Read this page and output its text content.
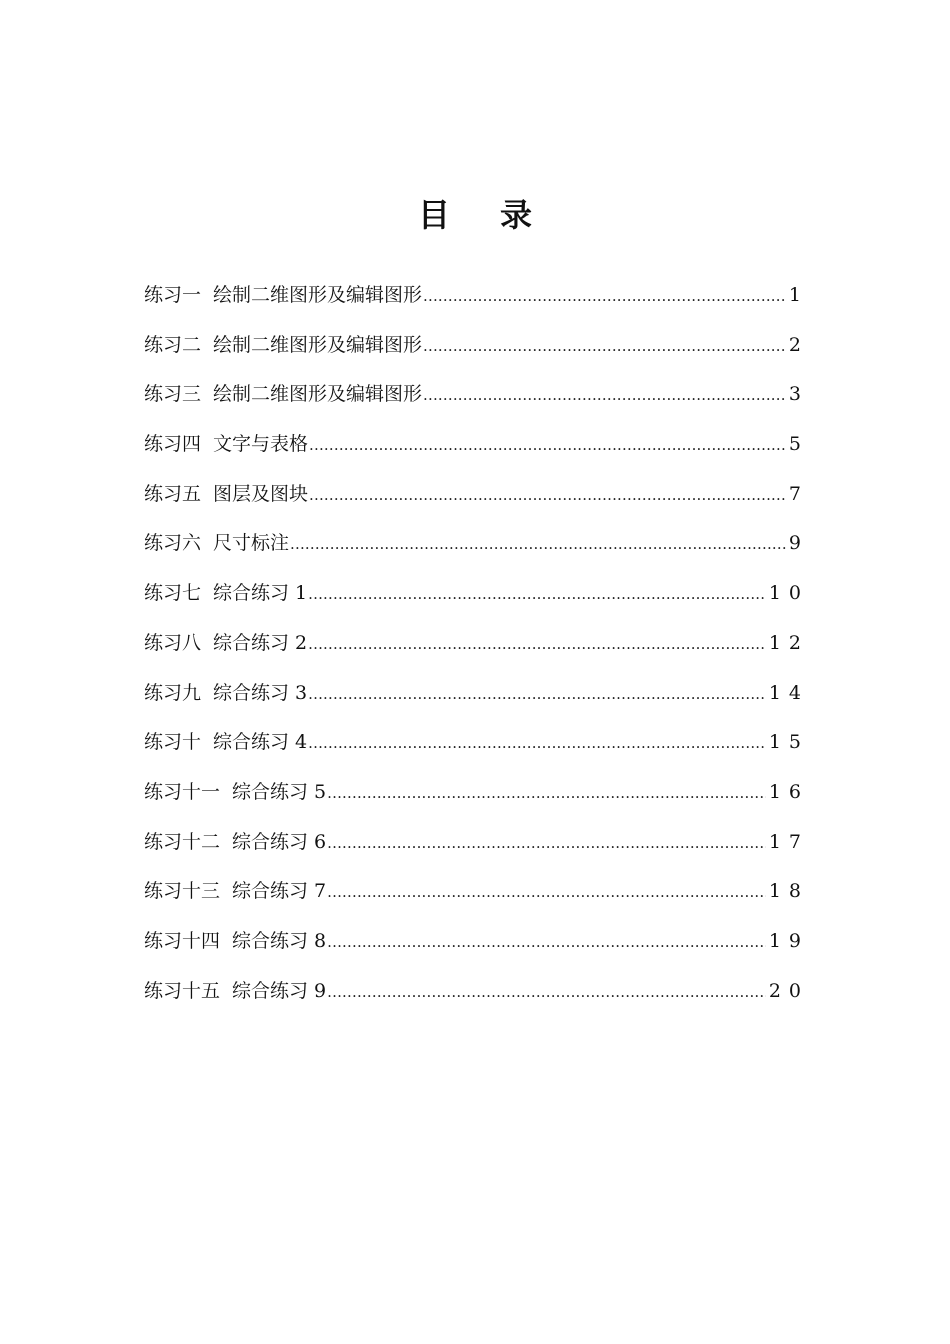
目 录
练习一 绘制二维图形及编辑图形 .....	1
练习二 绘制二维图形及编辑图形 .....	2
练习三 绘制二维图形及编辑图形 .....	3
练习四 文字与表格 .....	5
练习五 图层及图块 .....	7
练习六 尺寸标注 .....	9
练习七 综合练习 1 .....	10
练习八 综合练习 2 .....	12
练习九 综合练习 3 .....	14
练习十 综合练习 4 .....	15
练习十一 综合练习 5 .....	16
练习十二 综合练习 6 .....	17
练习十三 综合练习 7 .....	18
练习十四 综合练习 8 .....	19
练习十五 综合练习 9 .....	20
